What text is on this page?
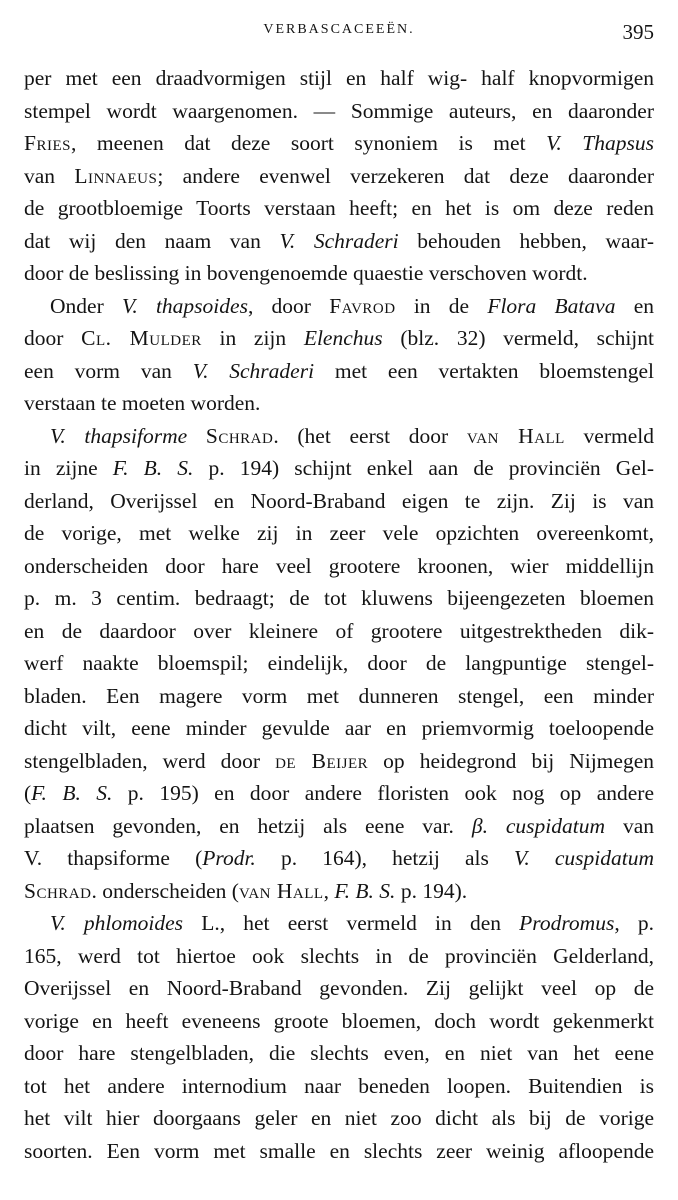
VERBASCACEEËN.	395
per met een draadvormigen stijl en half wig- half knopvormigen
stempel wordt waargenomen. — Sommige auteurs, en daaronder
Fries, meenen dat deze soort synoniem is met V. Thapsus
van Linnaeus; andere evenwel verzekeren dat deze daaronder
de grootbloemige Toorts verstaan heeft; en het is om deze reden
dat wij den naam van V. Schraderi behouden hebben, waar-
door de beslissing in bovengenoemde quaestie verschoven wordt.
Onder V. thapsoides, door Favrod in de Flora Batava en
door Cl. Mulder in zijn Elenchus (blz. 32) vermeld, schijnt
een vorm van V. Schraderi met een vertakten bloemstengel
verstaan te moeten worden.
V. thapsiforme Schrad. (het eerst door van Hall vermeld
in zijne F. B. S. p. 194) schijnt enkel aan de provinciën Gel-
derland, Overijssel en Noord-Braband eigen te zijn. Zij is van
de vorige, met welke zij in zeer vele opzichten overeenkomt,
onderscheiden door hare veel grootere kroonen, wier middellijn
p. m. 3 centim. bedraagt; de tot kluwens bijeengezeten bloemen
en de daardoor over kleinere of grootere uitgestrektheden dik-
werf naakte bloemspil; eindelijk, door de langpuntige stengel-
bladen. Een magere vorm met dunneren stengel, een minder
dicht vilt, eene minder gevulde aar en priemvormig toeloopende
stengelbladen, werd door de Beijer op heidegrond bij Nijmegen
(F. B. S. p. 195) en door andere floristen ook nog op andere
plaatsen gevonden, en hetzij als eene var. β. cuspidatum van
V. thapsiforme (Prodr. p. 164), hetzij als V. cuspidatum
Schrad. onderscheiden (van Hall, F. B. S. p. 194).
V. phlomoides L., het eerst vermeld in den Prodromus, p.
165, werd tot hiertoe ook slechts in de provinciën Gelderland,
Overijssel en Noord-Braband gevonden. Zij gelijkt veel op de
vorige en heeft eveneens groote bloemen, doch wordt gekenmerkt
door hare stengelbladen, die slechts even, en niet van het eene
tot het andere internodium naar beneden loopen. Buitendien is
het vilt hier doorgaans geler en niet zoo dicht als bij de vorige
soorten. Een vorm met smalle en slechts zeer weinig afloopende
